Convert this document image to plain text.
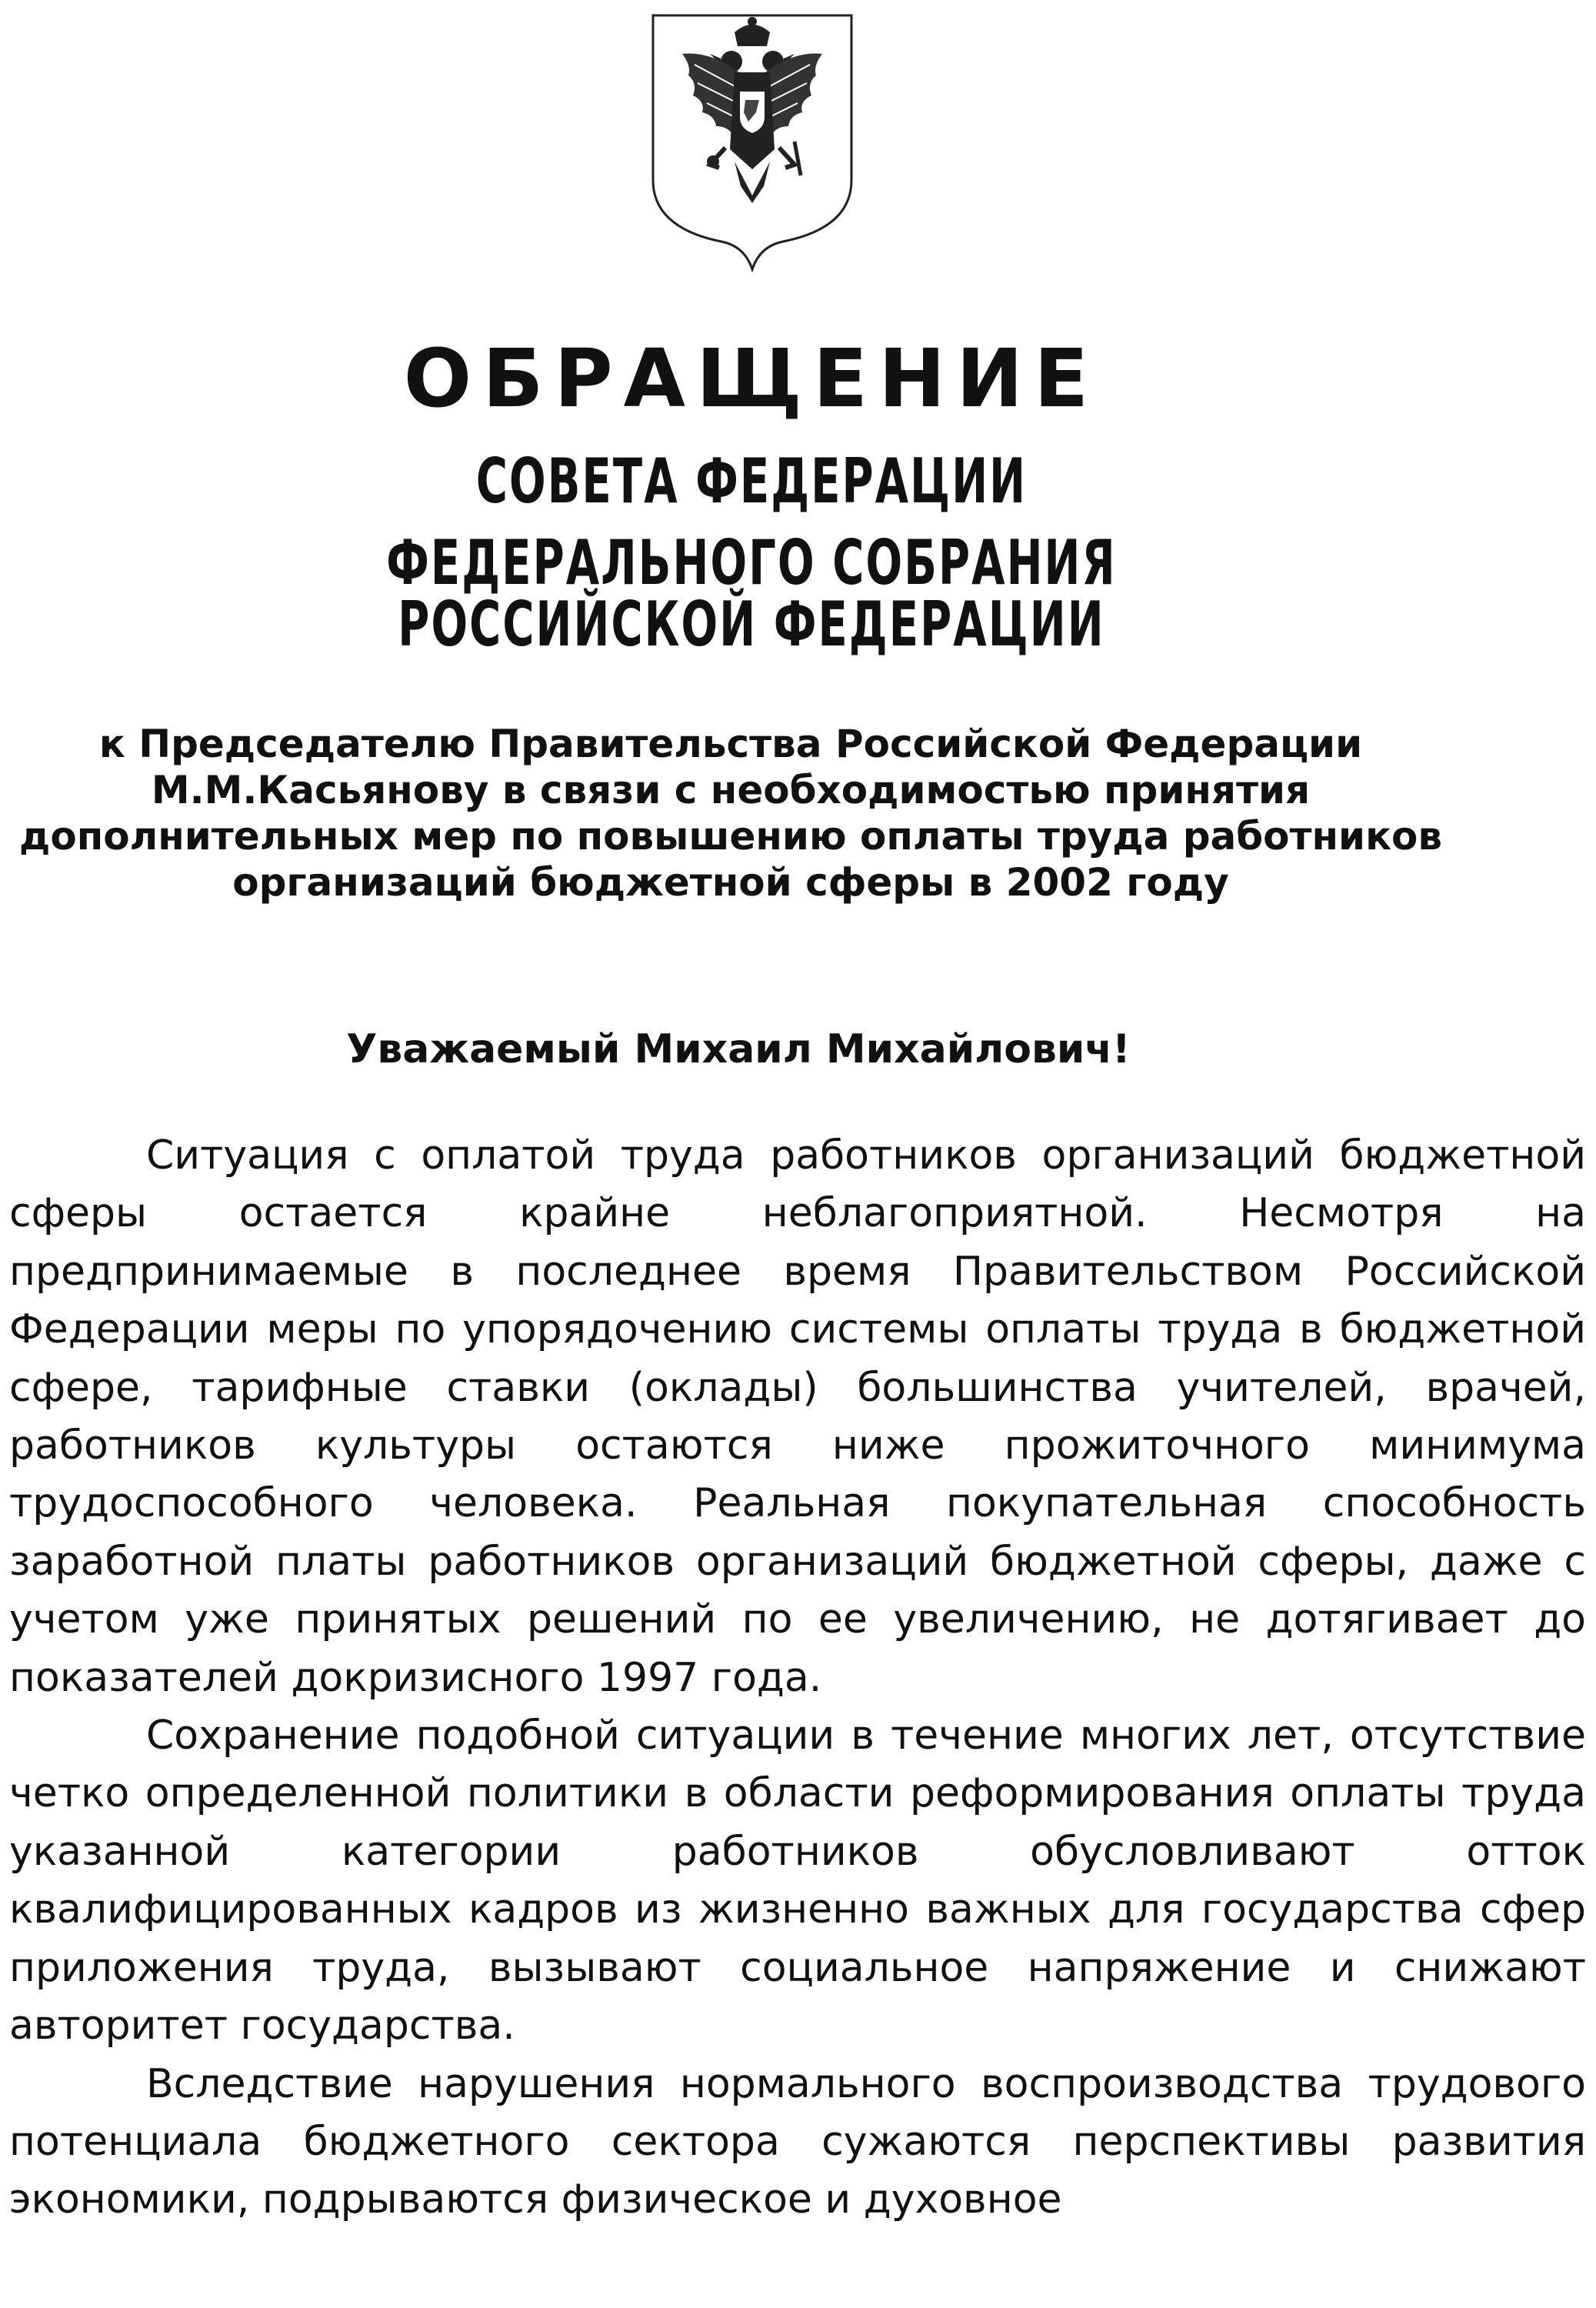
ОБРАЩЕНИЕ
СОВЕТА ФЕДЕРАЦИИ
ФЕДЕРАЛЬНОГО СОБРАНИЯ РОССИЙСКОЙ ФЕДЕРАЦИИ
к Председателю Правительства Российской Федерации
М.М.Касьянову в связи с необходимостью принятия
дополнительных мер по повышению оплаты труда работников
организаций бюджетной сферы в 2002 году
Уважаемый Михаил Михайлович!

Ситуация с оплатой труда работников организаций бюджетной сферы остается крайне неблагоприятной. Несмотря на предпринимаемые в последнее время Правительством Российской Федерации меры по упорядочению системы оплаты труда в бюджетной сфере, тарифные ставки (оклады) большинства учителей, врачей, работников культуры остаются ниже прожиточного минимума трудоспособного человека. Реальная покупательная способность заработной платы работников организаций бюджетной сферы, даже с учетом уже принятых решений по ее увеличению, не дотягивает до показателей докризисного 1997 года.

Сохранение подобной ситуации в течение многих лет, отсутствие четко определенной политики в области реформирования оплаты труда указанной категории работников обусловливают отток квалифицированных кадров из жизненно важных для государства сфер приложения труда, вызывают социальное напряжение и снижают авторитет государства.

Вследствие нарушения нормального воспроизводства трудового потенциала бюджетного сектора сужаются перспективы развития экономики, подрываются физическое и духовное
